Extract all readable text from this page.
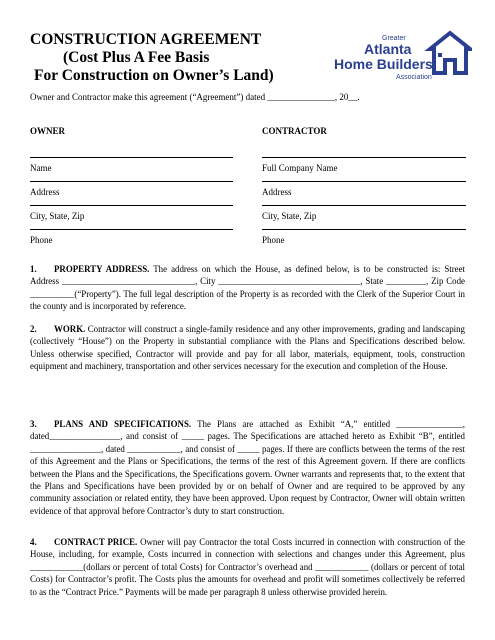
CONSTRUCTION AGREEMENT
(Cost Plus A Fee Basis
For Construction on Owner’s Land)
Greater
Atlanta
Home Builders
Association
Owner and Contractor make this agreement (“Agreement”) dated _______________, 20__.
OWNER
Name
Address
City, State, Zip
Phone
CONTRACTOR
Full Company Name
Address
City, State, Zip
Phone
1. PROPERTY ADDRESS. The address on which the House, as defined below, is to be constructed is: Street Address ______________________________, City ________________________________, State _________, Zip Code __________(“Property”). The full legal description of the Property is as recorded with the Clerk of the Superior Court in the county and is incorporated by reference.
2. WORK. Contractor will construct a single-family residence and any other improvements, grading and landscaping (collectively “House”) on the Property in substantial compliance with the Plans and Specifications described below. Unless otherwise specified, Contractor will provide and pay for all labor, materials, equipment, tools, construction equipment and machinery, transportation and other services necessary for the execution and completion of the House.
3. PLANS AND SPECIFICATIONS. The Plans are attached as Exhibit “A,” entitled _______________, dated________________, and consist of _____ pages. The Specifications are attached hereto as Exhibit “B”, entitled ________________, dated ____________, and consist of _____ pages. If there are conflicts between the terms of the rest of this Agreement and the Plans or Specifications, the terms of the rest of this Agreement govern. If there are conflicts between the Plans and the Specifications, the Specifications govern. Owner warrants and represents that, to the extent that the Plans and Specifications have been provided by or on behalf of Owner and are required to be approved by any community association or related entity, they have been approved. Upon request by Contractor, Owner will obtain written evidence of that approval before Contractor’s duty to start construction.
4. CONTRACT PRICE. Owner will pay Contractor the total Costs incurred in connection with construction of the House, including, for example, Costs incurred in connection with selections and changes under this Agreement, plus ____________(dollars or percent of total Costs) for Contractor’s overhead and ____________ (dollars or percent of total Costs) for Contractor’s profit. The Costs plus the amounts for overhead and profit will sometimes collectively be referred to as the “Contract Price.” Payments will be made per paragraph 8 unless otherwise provided herein.
